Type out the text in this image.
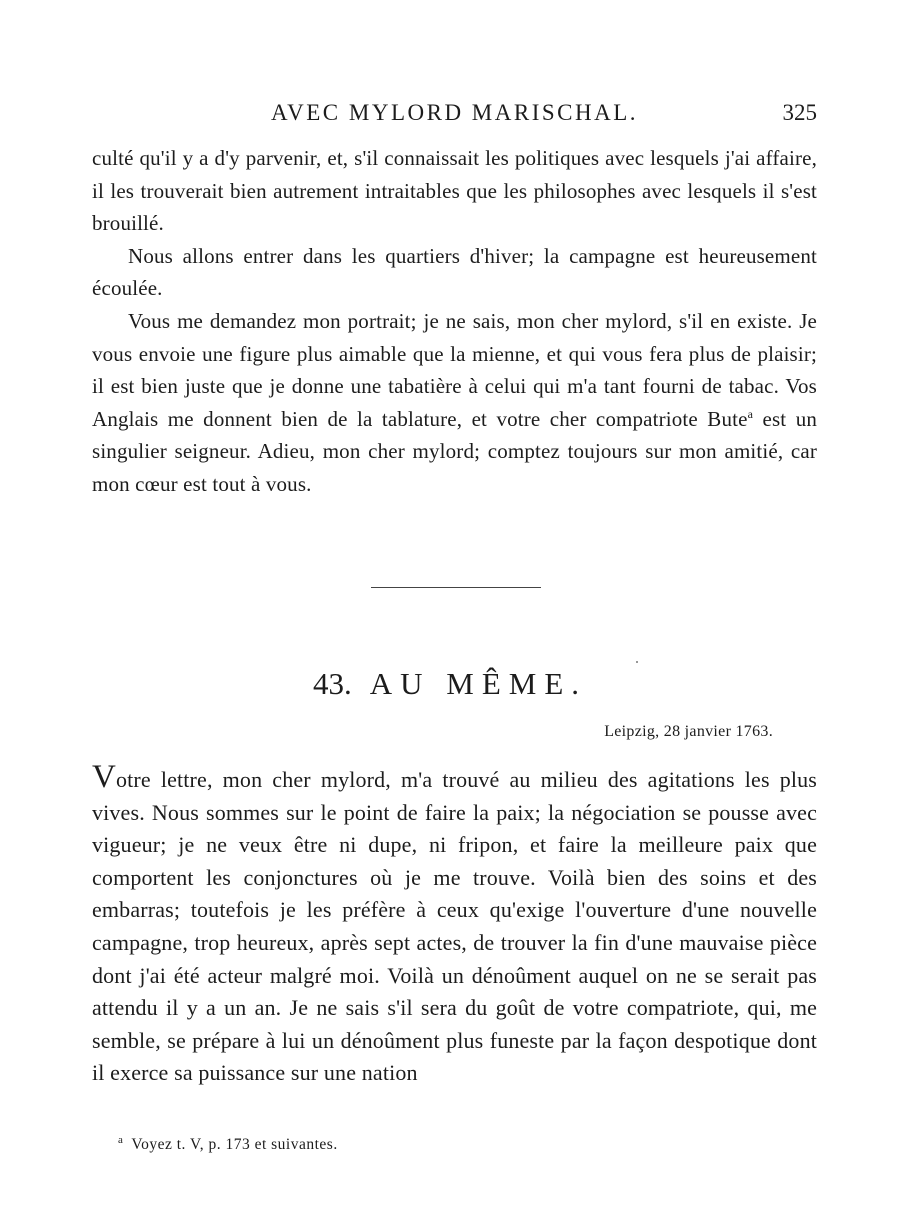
AVEC MYLORD MARISCHAL.	325

culté qu'il y a d'y parvenir, et, s'il connaissait les politiques avec lesquels j'ai affaire, il les trouverait bien autrement intraitables que les philosophes avec lesquels il s'est brouillé.

Nous allons entrer dans les quartiers d'hiver; la campagne est heureusement écoulée.

Vous me demandez mon portrait; je ne sais, mon cher mylord, s'il en existe. Je vous envoie une figure plus aimable que la mienne, et qui vous fera plus de plaisir; il est bien juste que je donne une tabatière à celui qui m'a tant fourni de tabac. Vos Anglais me donnent bien de la tablature, et votre cher compatriote Bute$^a$ est un singulier seigneur. Adieu, mon cher mylord; comptez toujours sur mon amitié, car mon cœur est tout à vous.

43. AU MÊME.
Leipzig, 28 janvier 1763.

Votre lettre, mon cher mylord, m'a trouvé au milieu des agitations les plus vives. Nous sommes sur le point de faire la paix; la négociation se pousse avec vigueur; je ne veux être ni dupe, ni fripon, et faire la meilleure paix que comportent les conjonctures où je me trouve. Voilà bien des soins et des embarras; toutefois je les préfère à ceux qu'exige l'ouverture d'une nouvelle campagne, trop heureux, après sept actes, de trouver la fin d'une mauvaise pièce dont j'ai été acteur malgré moi. Voilà un dénoûment auquel on ne se serait pas attendu il y a un an. Je ne sais s'il sera du goût de votre compatriote, qui, me semble, se prépare à lui un dénoûment plus funeste par la façon despotique dont il exerce sa puissance sur une nation

$^a$ Voyez t. V, p. 173 et suivantes.
